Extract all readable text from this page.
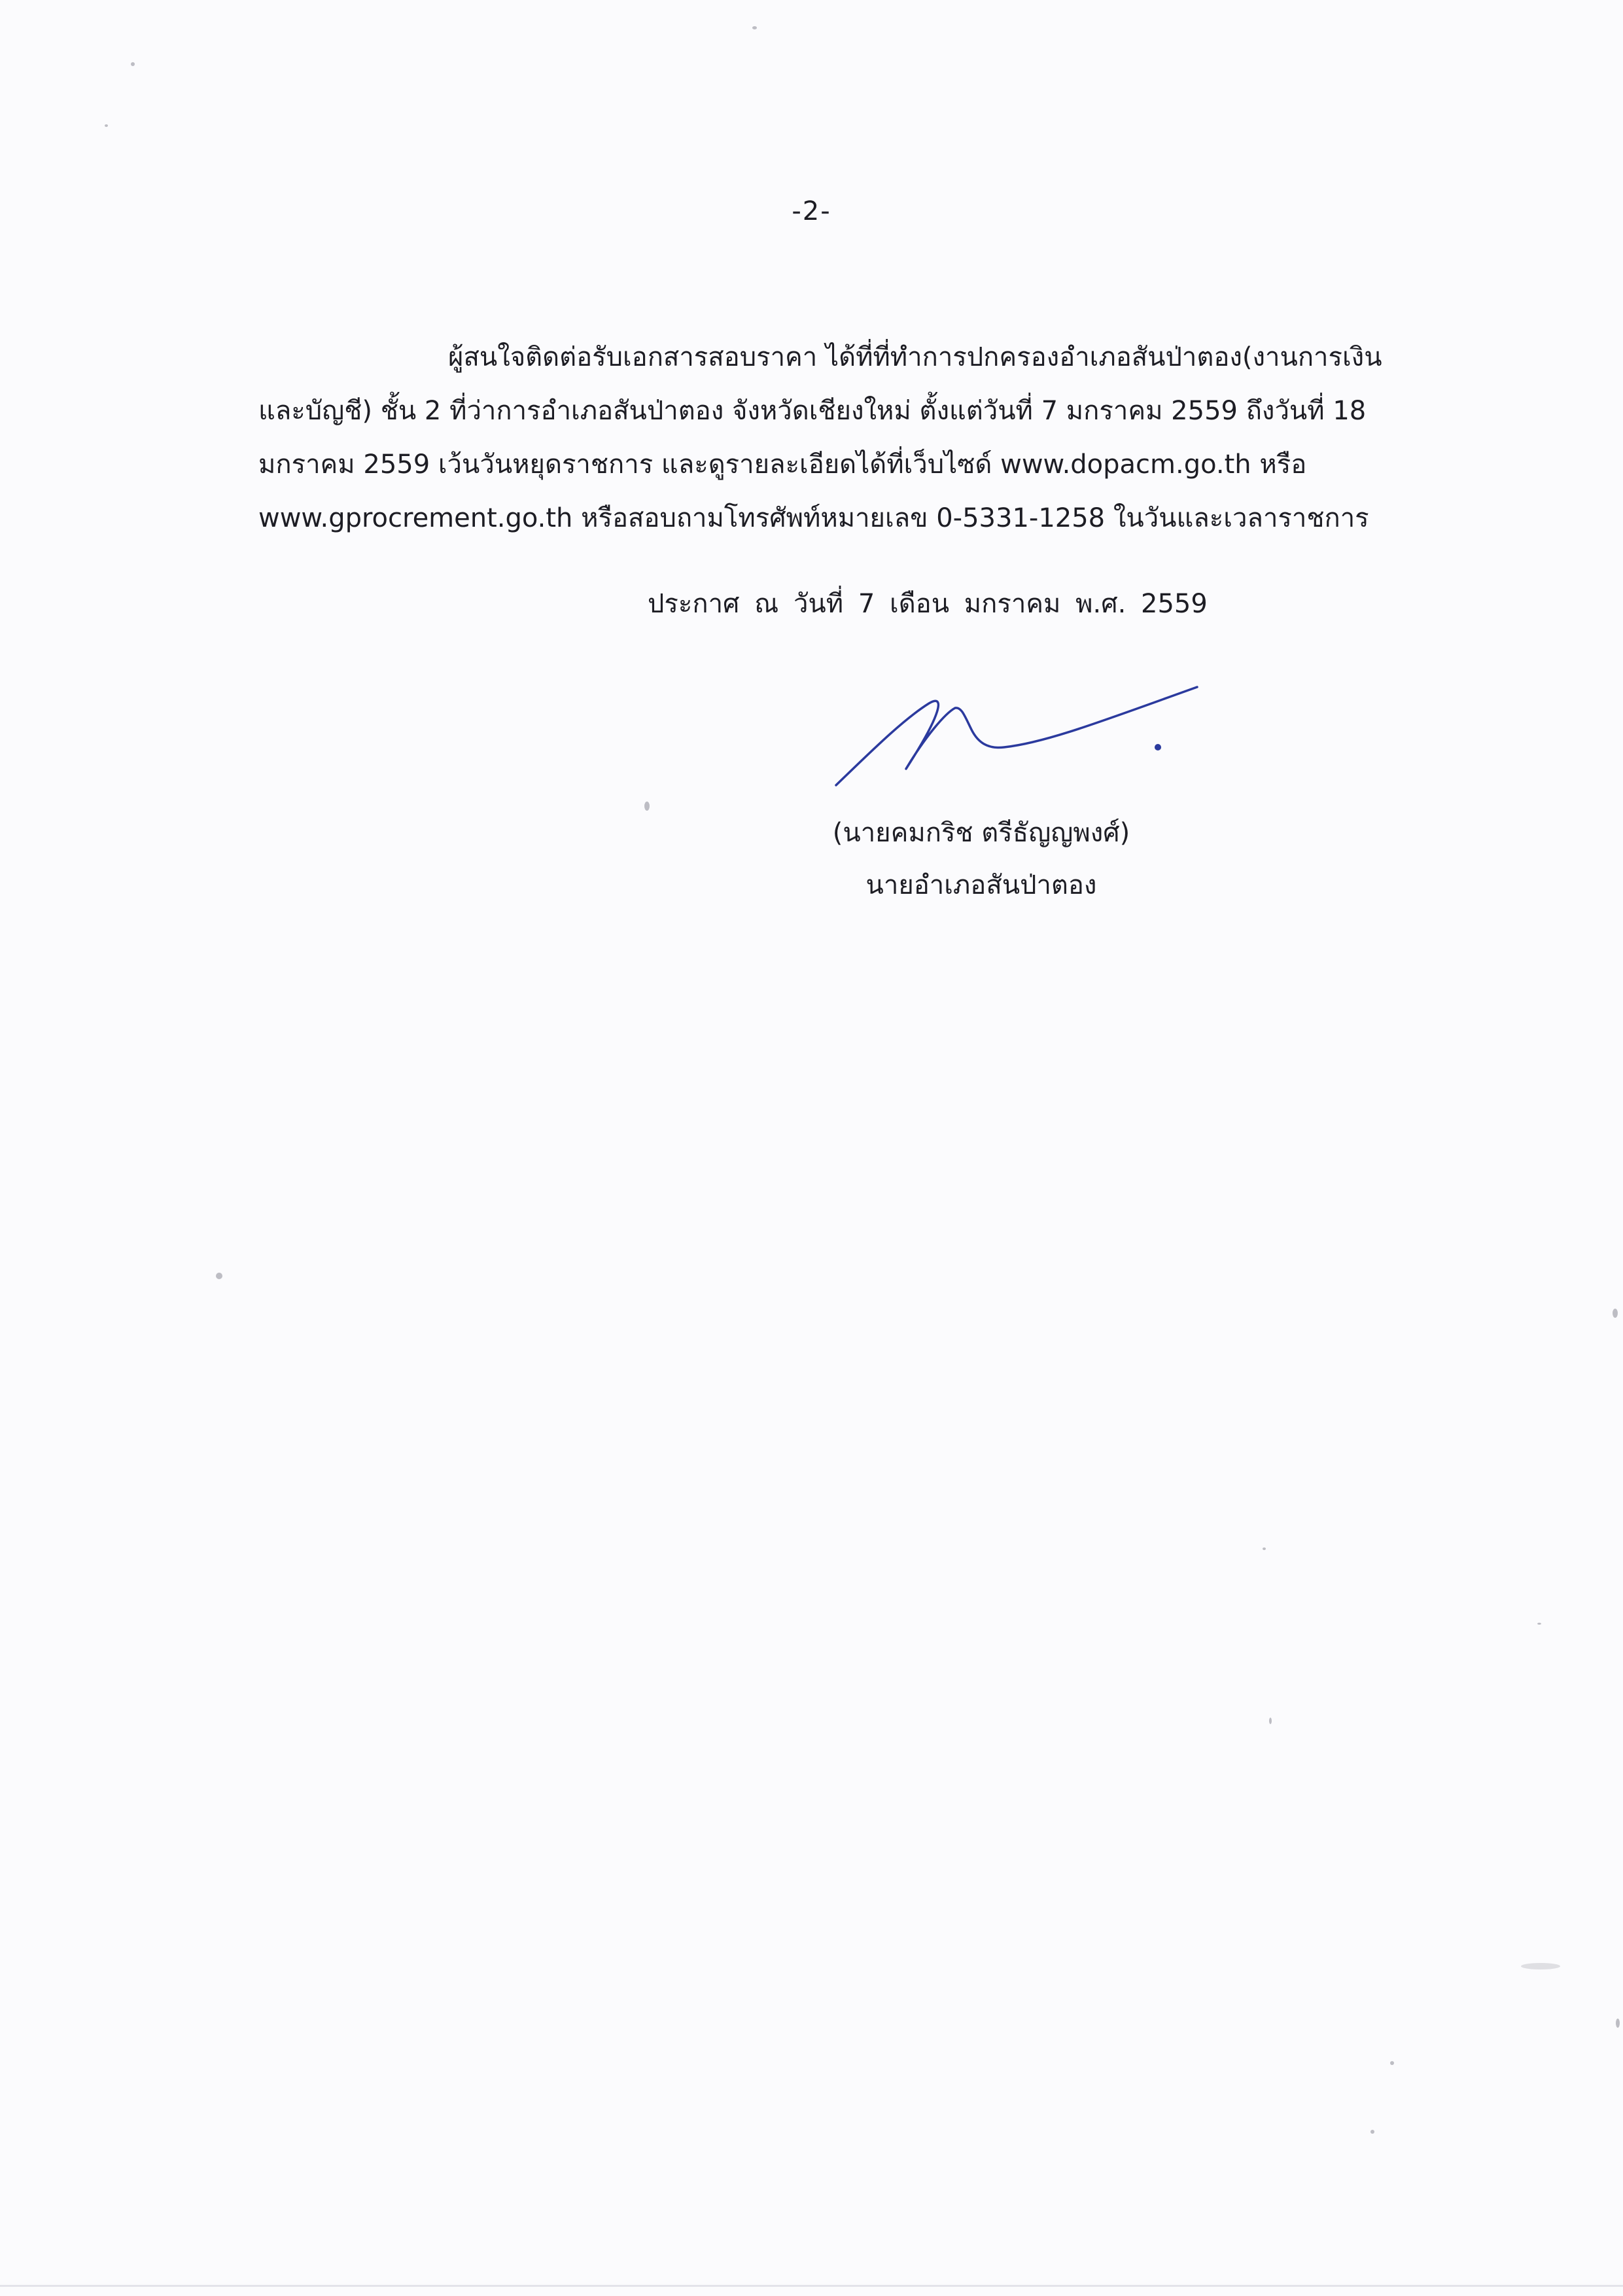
-2-
ผู้สนใจติดต่อรับเอกสารสอบราคา ได้ที่ที่ทำการปกครองอำเภอสันป่าตอง(งานการเงิน
และบัญชี) ชั้น 2 ที่ว่าการอำเภอสันป่าตอง จังหวัดเชียงใหม่ ตั้งแต่วันที่ 7 มกราคม 2559 ถึงวันที่ 18
มกราคม 2559 เว้นวันหยุดราชการ และดูรายละเอียดได้ที่เว็บไซด์ www.dopacm.go.th หรือ
www.gprocrement.go.th หรือสอบถามโทรศัพท์หมายเลข 0-5331-1258 ในวันและเวลาราชการ
ประกาศ ณ วันที่ 7 เดือน มกราคม พ.ศ. 2559
(นายคมกริช ตรีธัญญพงศ์)
นายอำเภอสันป่าตอง
